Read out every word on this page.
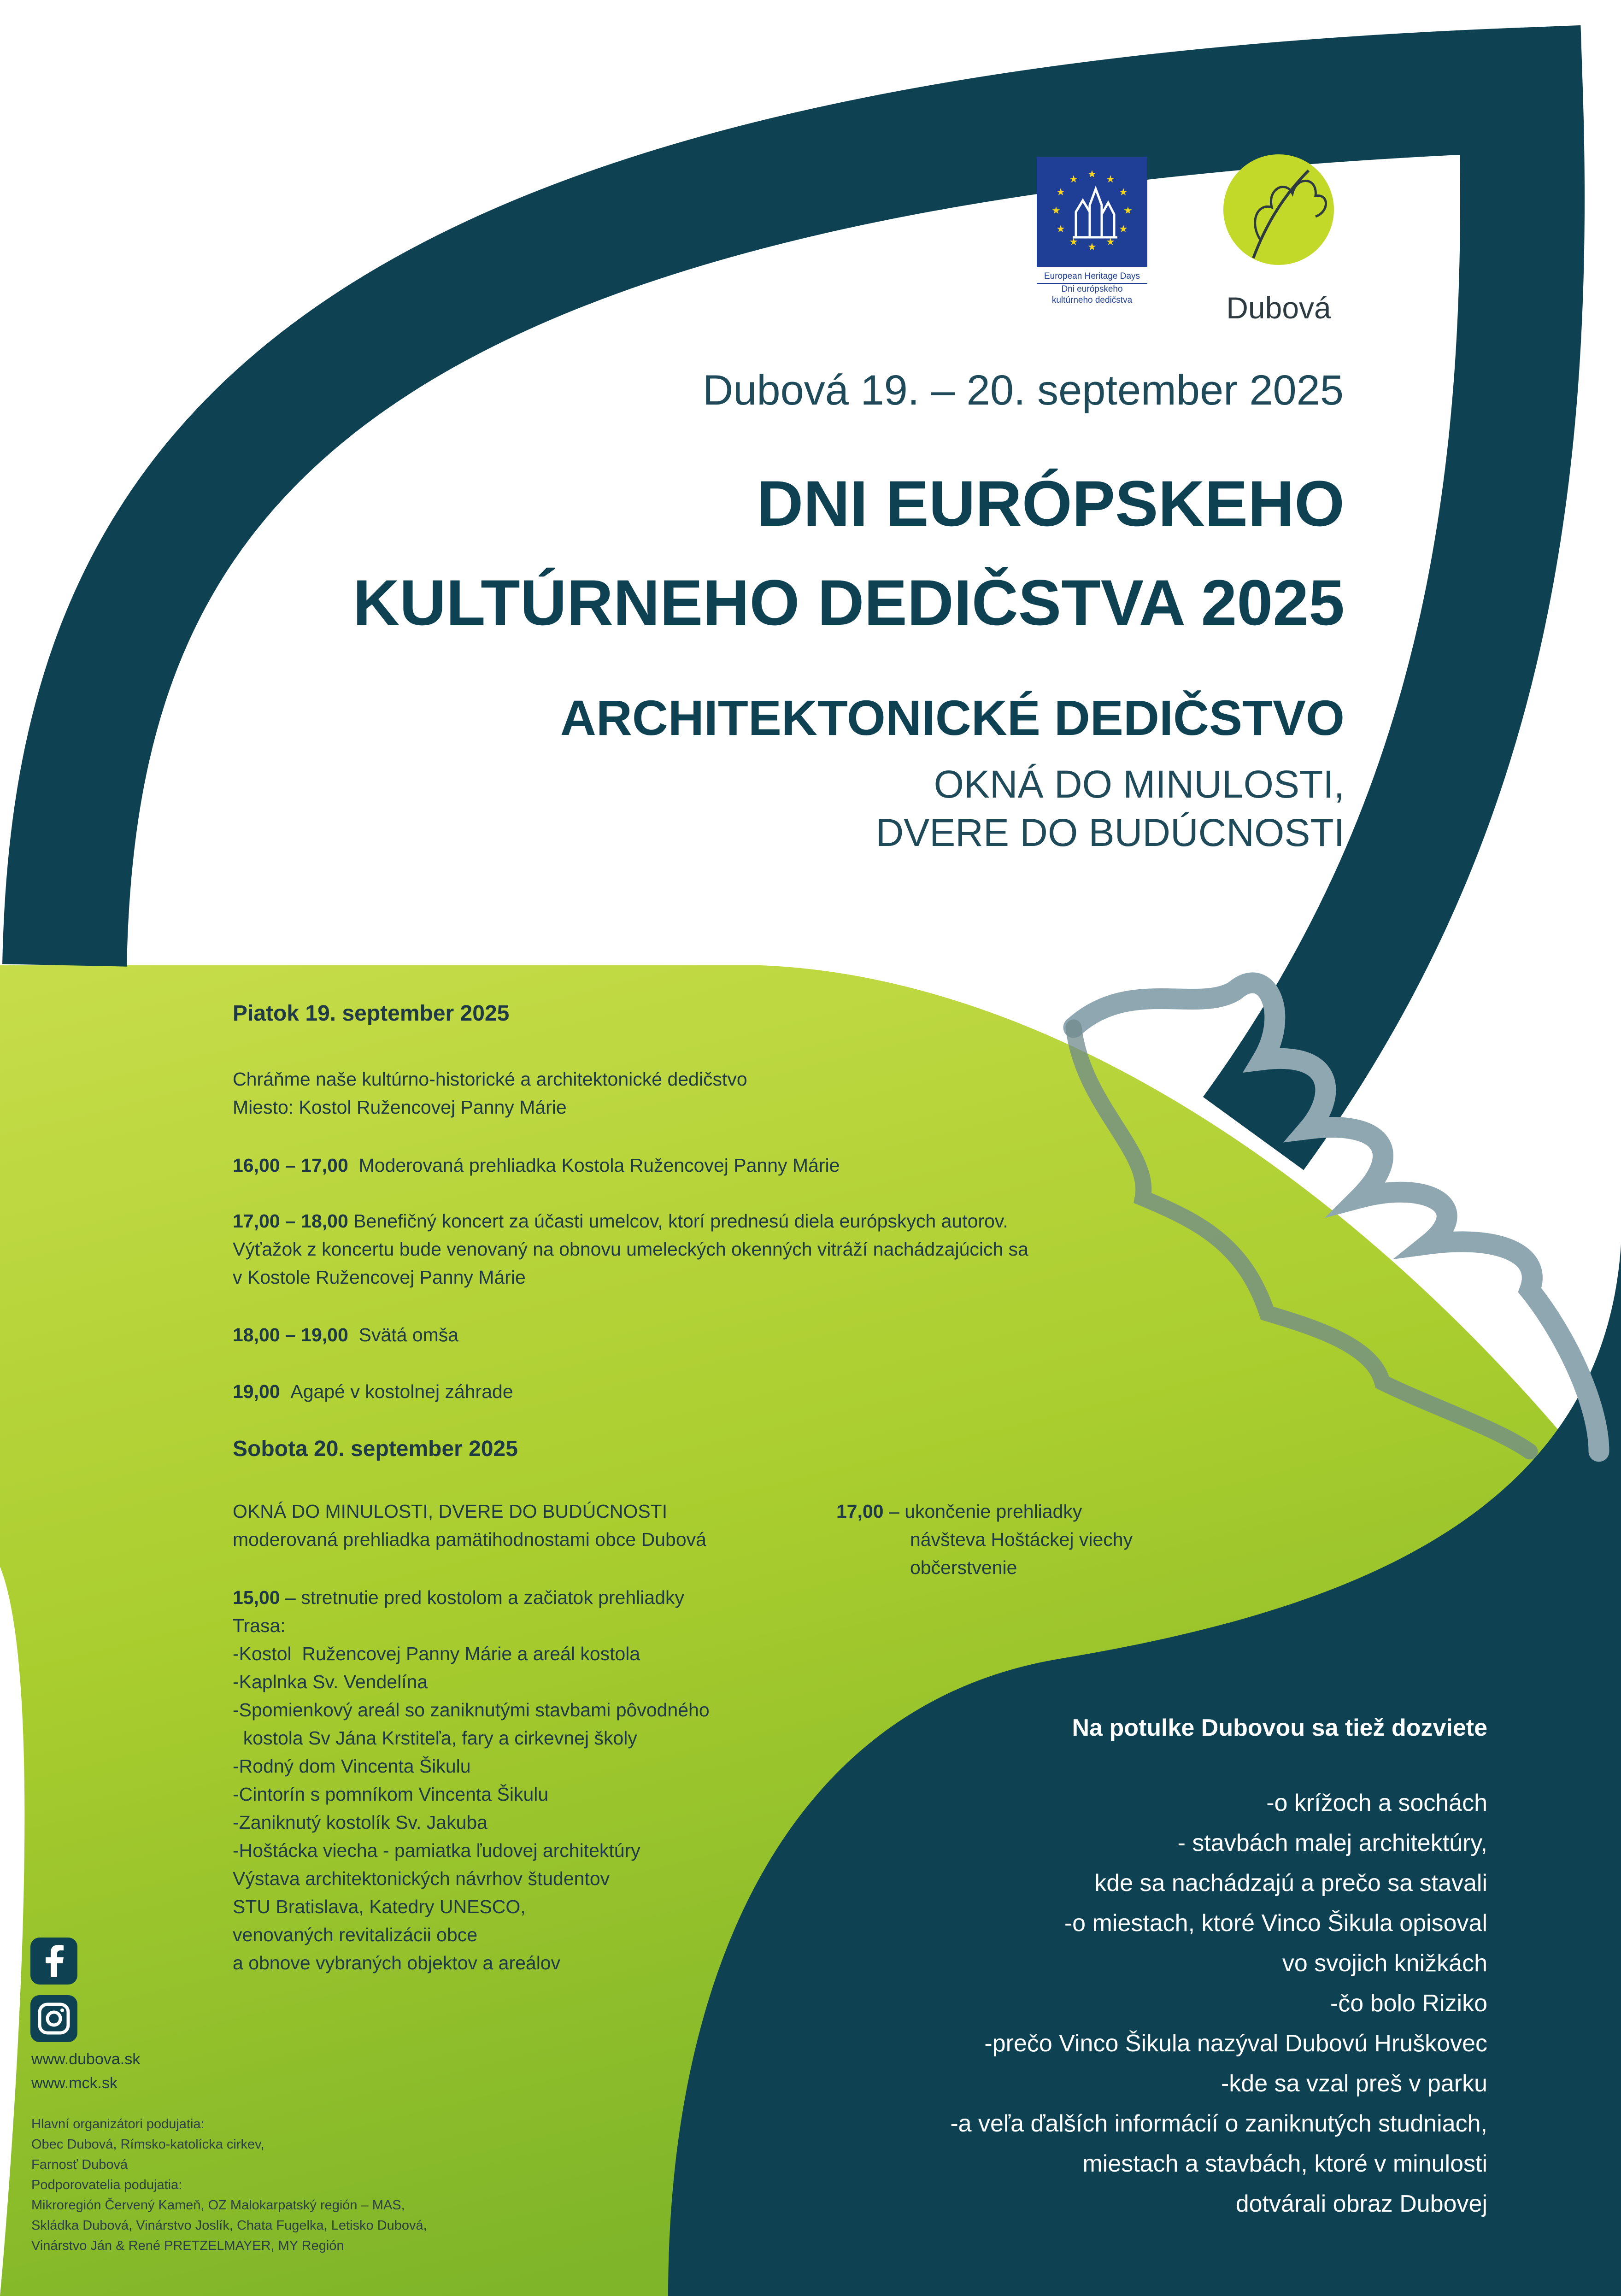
★ ★
★
★
★
★
★
★
★
★
★
★
European Heritage Days
Dni európskeho
kultúrneho dedičstva	Dubová
Dubová 19. – 20. september 2025
DNI EURÓPSKEHO
KULTÚRNEHO DEDIČSTVA 2025
ARCHITEKTONICKÉ DEDIČSTVO
OKNÁ DO MINULOSTI,
DVERE DO BUDÚCNOSTI
Piatok 19. september 2025
Chráňme naše kultúrno-historické a architektonické dedičstvo
Miesto: Kostol Ružencovej Panny Márie
16,00 – 17,00 Moderovaná prehliadka Kostola Ružencovej Panny Márie
17,00 – 18,00 Benefičný koncert za účasti umelcov, ktorí prednesú diela európskych autorov.
Výťažok z koncertu bude venovaný na obnovu umeleckých okenných vitráží nachádzajúcich sa
v Kostole Ružencovej Panny Márie
18,00 – 19,00 Svätá omša
19,00 Agapé v kostolnej záhrade
Sobota 20. september 2025
OKNÁ DO MINULOSTI, DVERE DO BUDÚCNOSTI
moderovaná prehliadka pamätihodnostami obce Dubová
15,00 – stretnutie pred kostolom a začiatok prehliadky
Trasa:
-Kostol  Ružencovej Panny Márie a areál kostola
-Kaplnka Sv. Vendelína
-Spomienkový areál so zaniknutými stavbami pôvodného
kostola Sv Jána Krstiteľa, fary a cirkevnej školy
-Rodný dom Vincenta Šikulu
-Cintorín s pomníkom Vincenta Šikulu
-Zaniknutý kostolík Sv. Jakuba
-Hoštácka viecha - pamiatka ľudovej architektúry
Výstava architektonických návrhov študentov
STU Bratislava, Katedry UNESCO,
venovaných revitalizácii obce
a obnove vybraných objektov a areálov
17,00 – ukončenie prehliadky
návšteva Hoštáckej viechy
občerstvenie
Na potulke Dubovou sa tiež dozviete
-o krížoch a sochách
- stavbách malej architektúry,
kde sa nachádzajú a prečo sa stavali
-o miestach, ktoré Vinco Šikula opisoval
vo svojich knižkách
-čo bolo Riziko
-prečo Vinco Šikula nazýval Dubovú Hruškovec
-kde sa vzal preš v parku
-a veľa ďalších informácií o zaniknutých studniach,
miestach a stavbách, ktoré v minulosti
dotvárali obraz Dubovej
www.dubova.sk
www.mck.sk
Hlavní organizátori podujatia:
Obec Dubová, Rímsko-katolícka cirkev,
Farnosť Dubová
Podporovatelia podujatia:
Mikroregión Červený Kameň, OZ Malokarpatský región – MAS,
Skládka Dubová, Vinárstvo Joslík, Chata Fugelka, Letisko Dubová,
Vinárstvo Ján & René PRETZELMAYER, MY Región
